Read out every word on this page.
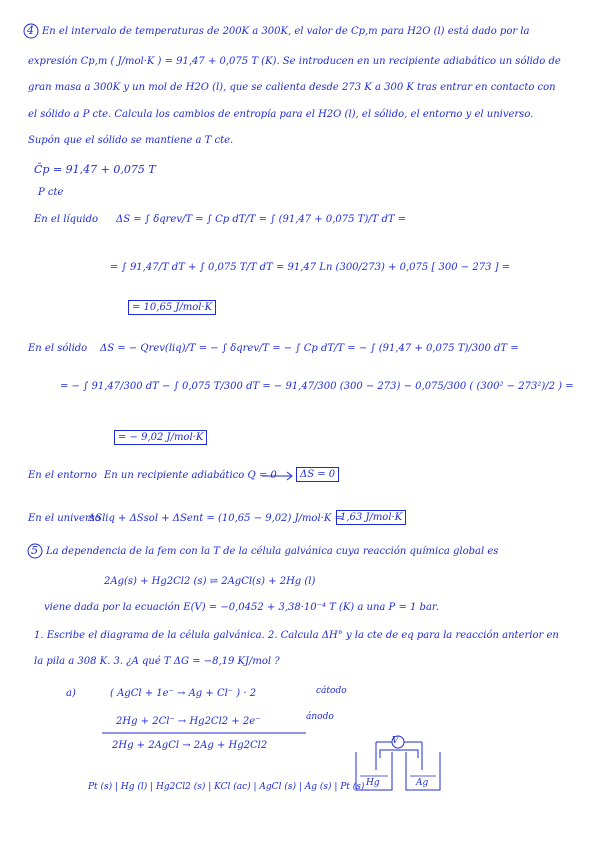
4 En el intervalo de temperaturas de 200K a 300K, el valor de Cp,m para H2O (l) está dado por la
expresión Cp,m ( J/mol·K ) = 91,47 + 0,075 T (K). Se introducen en un recipiente adiabático un sólido de
gran masa a 300K y un mol de H2O (l), que se calienta desde 273 K a 300 K tras entrar en contacto con
el sólido a P cte. Calcula los cambios de entropía para el H2O (l), el sólido, el entorno y el universo.
Supón que el sólido se mantiene a T cte.
C̄p = 91,47 + 0,075 T
P cte
En el líquido ΔS = ∫ δqrev/T = ∫ Cp dT/T = ∫ (91,47 + 0,075 T)/T dT =
= ∫ 91,47/T dT + ∫ 0,075 T/T dT = 91,47 Ln (300/273) + 0,075 [ 300 − 273 ] =
= 10,65 J/mol·K
En el sólido ΔS = − Qrev(liq)/T = − ∫ δqrev/T = − ∫ Cp dT/T = − ∫ (91,47 + 0,075 T)/300 dT =
= − ∫ 91,47/300 dT − ∫ 0,075 T/300 dT = − 91,47/300 (300 − 273) − 0,075/300 ( (300² − 273²)/2 ) =
= − 9,02 J/mol·K
En el entorno En un recipiente adiabático Q = 0	ΔS = 0
En el universo
ΔSliq + ΔSsol + ΔSent = (10,65 − 9,02) J/mol·K =
1,63 J/mol·K
5 La dependencia de la fem con la T de la célula galvánica cuya reacción química global es
2Ag(s) + Hg2Cl2 (s) ⇌ 2AgCl(s) + 2Hg (l)
viene dada por la ecuación E(V) = −0,0452 + 3,38·10⁻⁴ T (K) a una P = 1 bar.
1. Escribe el diagrama de la célula galvánica. 2. Calcula ΔH° y la cte de eq para la reacción anterior en
la pila a 308 K. 3. ¿A qué T ΔG = −8,19 KJ/mol ?
a)	( AgCl + 1e⁻ → Ag + Cl⁻ ) · 2	cátodo
2Hg + 2Cl⁻ → Hg2Cl2 + 2e⁻	ánodo
2Hg + 2AgCl → 2Ag + Hg2Cl2
Pt (s) | Hg (l) | Hg2Cl2 (s) | KCl (ac) | AgCl (s) | Ag (s) | Pt (s)
V
Hg	Ag
